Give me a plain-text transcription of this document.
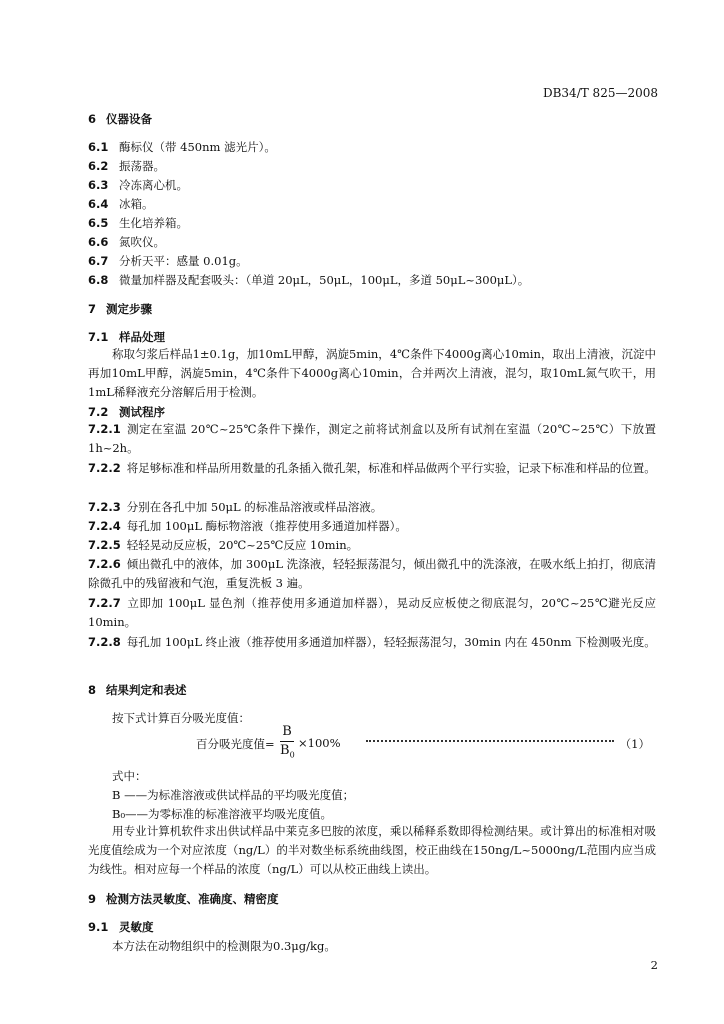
DB34/T 825—2008
6 仪器设备
6.1 酶标仪（带 450nm 滤光片）。
6.2 振荡器。
6.3 冷冻离心机。
6.4 冰箱。
6.5 生化培养箱。
6.6 氮吹仪。
6.7 分析天平：感量 0.01g。
6.8 微量加样器及配套吸头：（单道 20μL，50μL，100μL，多道 50μL~300μL）。
7 测定步骤
7.1 样品处理
称取匀浆后样品1±0.1g，加10mL甲醇，涡旋5min，4℃条件下4000g离心10min，取出上清液，沉淀中再加10mL甲醇，涡旋5min，4℃条件下4000g离心10min，合并两次上清液，混匀，取10mL氮气吹干，用1mL稀释液充分溶解后用于检测。
7.2 测试程序
7.2.1 测定在室温 20℃~25℃条件下操作，测定之前将试剂盒以及所有试剂在室温（20℃~25℃）下放置 1h~2h。
7.2.2 将足够标准和样品所用数量的孔条插入微孔架，标准和样品做两个平行实验，记录下标准和样品的位置。
7.2.3 分别在各孔中加 50μL 的标准品溶液或样品溶液。
7.2.4 每孔加 100μL 酶标物溶液（推荐使用多通道加样器）。
7.2.5 轻轻晃动反应板，20℃~25℃反应 10min。
7.2.6 倾出微孔中的液体，加 300μL 洗涤液，轻轻振荡混匀，倾出微孔中的洗涤液，在吸水纸上拍打，彻底清除微孔中的残留液和气泡，重复洗板 3 遍。
7.2.7 立即加 100μL 显色剂（推荐使用多通道加样器），晃动反应板使之彻底混匀，20℃~25℃避光反应 10min。
7.2.8 每孔加 100μL 终止液（推荐使用多通道加样器），轻轻振荡混匀，30min 内在 450nm 下检测吸光度。
8 结果判定和表述
按下式计算百分吸光度值：
百分吸光度值=
B
$B_0$
×100%	（1）
式中：
B ——为标准溶液或供试样品的平均吸光度值；
B₀——为零标准的标准溶液平均吸光度值。
用专业计算机软件求出供试样品中莱克多巴胺的浓度，乘以稀释系数即得检测结果。或计算出的标准相对吸光度值绘成为一个对应浓度（ng/L）的半对数坐标系统曲线图，校正曲线在150ng/L~5000ng/L范围内应当成为线性。相对应每一个样品的浓度（ng/L）可以从校正曲线上读出。
9 检测方法灵敏度、准确度、精密度
9.1 灵敏度
本方法在动物组织中的检测限为0.3μg/kg。
2
